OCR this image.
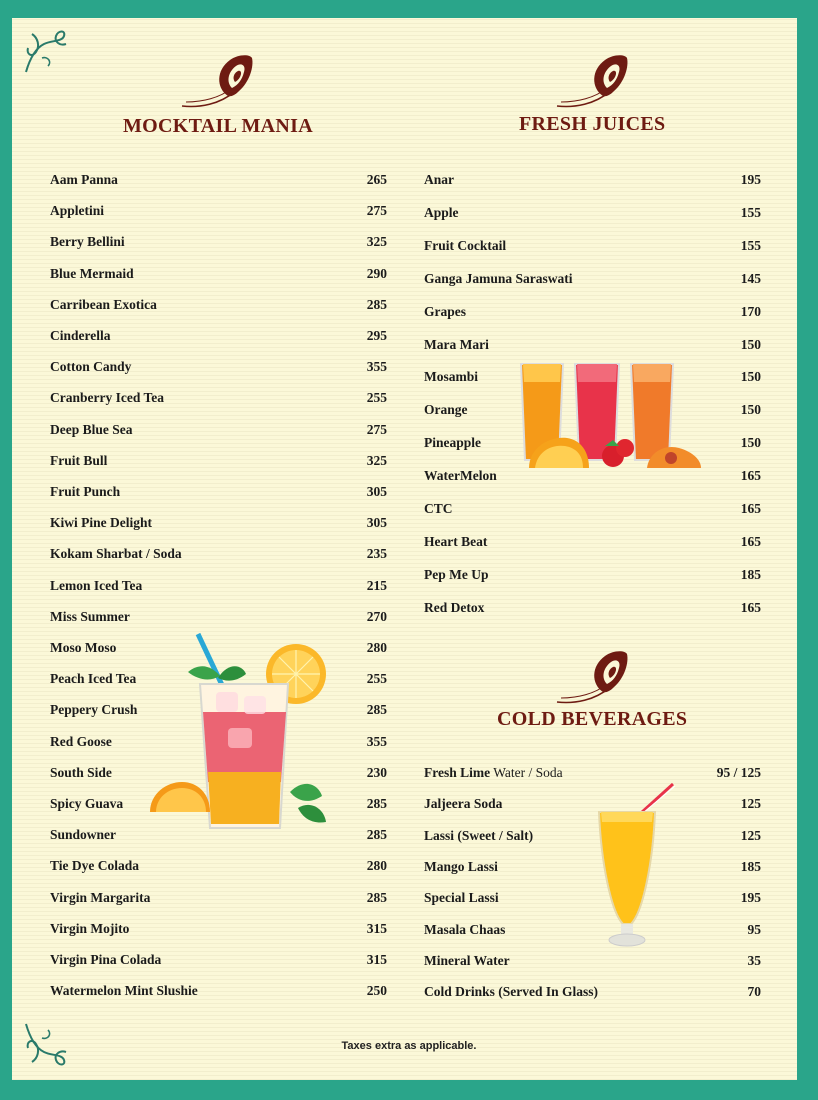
MOCKTAIL MANIA	FRESH JUICES
COLD BEVERAGES
Aam Panna	265
Appletini	275
Berry Bellini	325
Blue Mermaid	290
Carribean Exotica	285
Cinderella	295
Cotton Candy	355
Cranberry Iced Tea	255
Deep Blue Sea	275
Fruit Bull	325
Fruit Punch	305
Kiwi Pine Delight	305
Kokam Sharbat / Soda	235
Lemon Iced Tea	215
Miss Summer	270
Moso Moso	280
Peach Iced Tea	255
Peppery Crush	285
Red Goose	355
South Side	230
Spicy Guava	285
Sundowner	285
Tie Dye Colada	280
Virgin Margarita	285
Virgin Mojito	315
Virgin Pina Colada	315
Watermelon Mint Slushie	250
Anar	195
Apple	155
Fruit Cocktail	155
Ganga Jamuna Saraswati	145
Grapes	170
Mara Mari	150
Mosambi	150
Orange	150
Pineapple	150
WaterMelon	165
CTC	165
Heart Beat	165
Pep Me Up	185
Red Detox	165
Fresh Lime Water / Soda	95 / 125
Jaljeera Soda	125
Lassi (Sweet / Salt)	125
Mango Lassi	185
Special Lassi	195
Masala Chaas	95
Mineral Water	35
Cold Drinks (Served In Glass)	70
Taxes extra as applicable.
